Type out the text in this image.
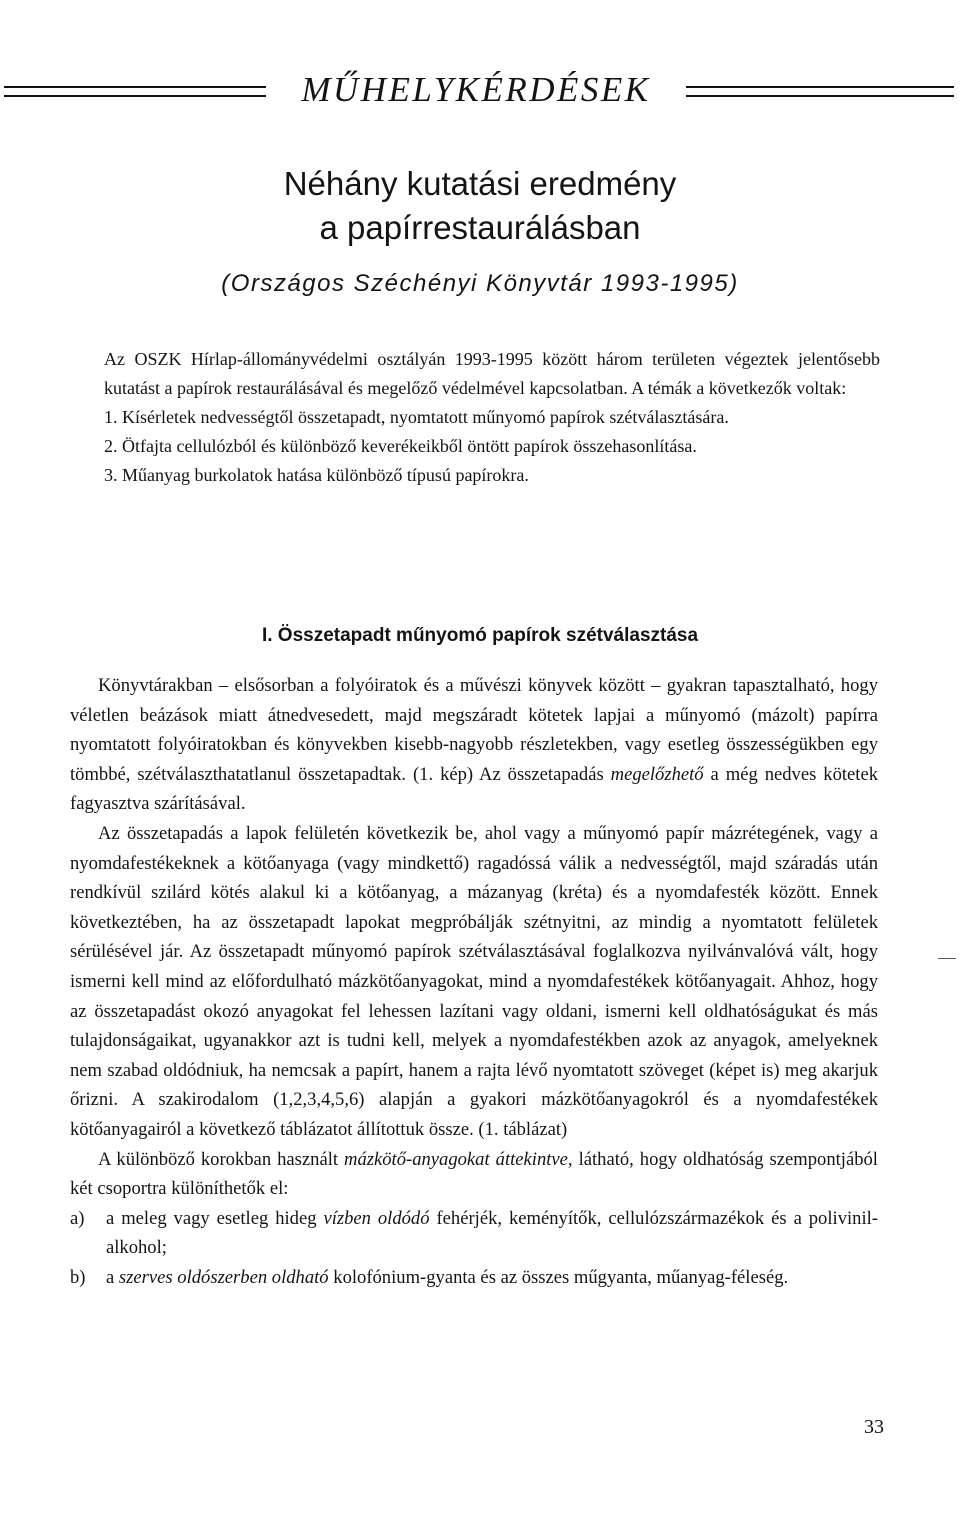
MŰHELYKÉRDÉSEK
Néhány kutatási eredmény
a papírrestaurálásban
(Országos Széchényi Könyvtár 1993-1995)

Az OSZK Hírlap-állományvédelmi osztályán 1993-1995 között három területen végeztek jelentősebb kutatást a papírok restaurálásával és megelőző védelmével kapcsolatban. A témák a következők voltak:

1. Kísérletek nedvességtől összetapadt, nyomtatott műnyomó papírok szétválasztására.

2. Ötfajta cellulózból és különböző keverékeikből öntött papírok összehasonlítása.

3. Műanyag burkolatok hatása különböző típusú papírokra.

I. Összetapadt műnyomó papírok szétválasztása

Könyvtárakban – elsősorban a folyóiratok és a művészi könyvek között – gyakran tapasztalható, hogy véletlen beázások miatt átnedvesedett, majd megszáradt kötetek lapjai a műnyomó (mázolt) papírra nyomtatott folyóiratokban és könyvekben kisebb-nagyobb részletekben, vagy esetleg összességükben egy tömbbé, szétválaszthatatlanul összetapadtak. (1. kép) Az összetapadás megelőzhető a még nedves kötetek fagyasztva szárításával.

Az összetapadás a lapok felületén következik be, ahol vagy a műnyomó papír mázrétegének, vagy a nyomdafestékeknek a kötőanyaga (vagy mindkettő) ragadóssá válik a nedvességtől, majd száradás után rendkívül szilárd kötés alakul ki a kötőanyag, a mázanyag (kréta) és a nyomdafesték között. Ennek következtében, ha az összetapadt lapokat megpróbálják szétnyitni, az mindig a nyomtatott felületek sérülésével jár. Az összetapadt műnyomó papírok szétválasztásával foglalkozva nyilvánvalóvá vált, hogy ismerni kell mind az előfordulható mázkötőanyagokat, mind a nyomdafestékek kötőanyagait. Ahhoz, hogy az összetapadást okozó anyagokat fel lehessen lazítani vagy oldani, ismerni kell oldhatóságukat és más tulajdonságaikat, ugyanakkor azt is tudni kell, melyek a nyomdafestékben azok az anyagok, amelyeknek nem szabad oldódniuk, ha nemcsak a papírt, hanem a rajta lévő nyomtatott szöveget (képet is) meg akarjuk őrizni. A szakirodalom (1,2,3,4,5,6) alapján a gyakori mázkötőanyagokról és a nyomdafestékek kötőanyagairól a következő táblázatot állítottuk össze. (1. táblázat)

A különböző korokban használt mázkötő-anyagokat áttekintve, látható, hogy oldhatóság szempontjából két csoportra különíthetők el:

a) a meleg vagy esetleg hideg vízben oldódó fehérjék, keményítők, cellulózszármazékok és a polivinil-alkohol;

b) a szerves oldószerben oldható kolofónium-gyanta és az összes műgyanta, műanyag-féleség.

33
